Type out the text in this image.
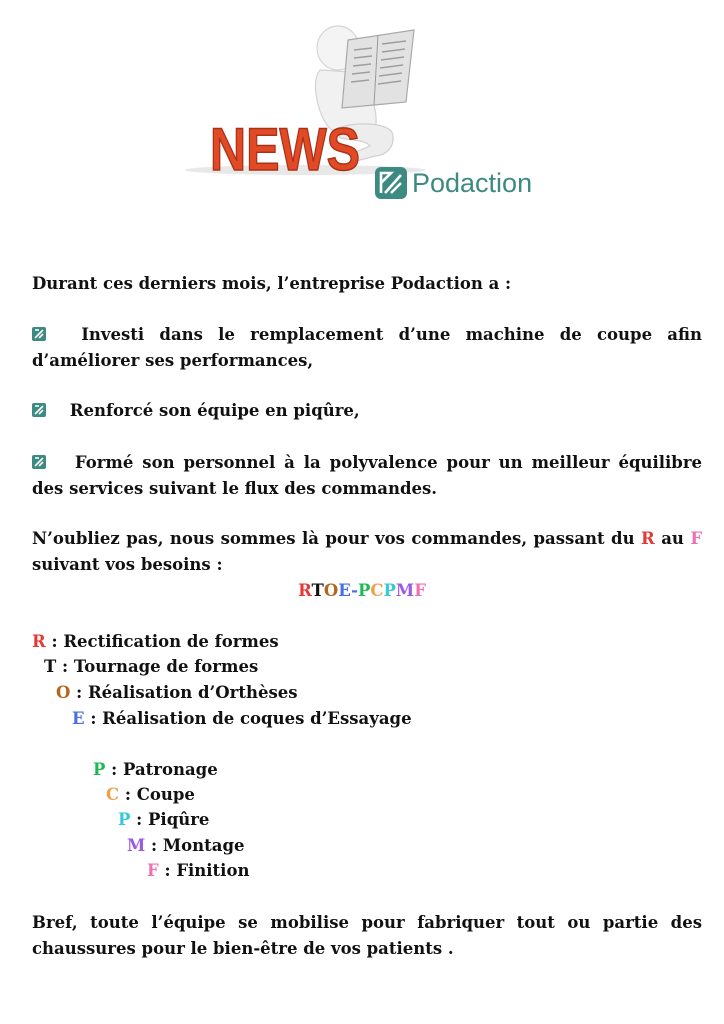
NEWS Podaction
Durant ces derniers mois, l’entreprise Podaction a :
Investi dans le remplacement d’une machine de coupe afin d’améliorer ses performances,
Renforcé son équipe en piqûre,
Formé son personnel à la polyvalence pour un meilleur équilibre des services suivant le flux des commandes.
N’oubliez pas, nous sommes là pour vos commandes, passant du R au F suivant vos besoins :
RTOE-PCPMF
R : Rectification de formes
T : Tournage de formes
O : Réalisation d’Orthèses
E : Réalisation de coques d’Essayage
P : Patronage
C : Coupe
P : Piqûre
M : Montage
F : Finition
Bref, toute l’équipe se mobilise pour fabriquer tout ou partie des chaussures pour le bien-être de vos patients .
